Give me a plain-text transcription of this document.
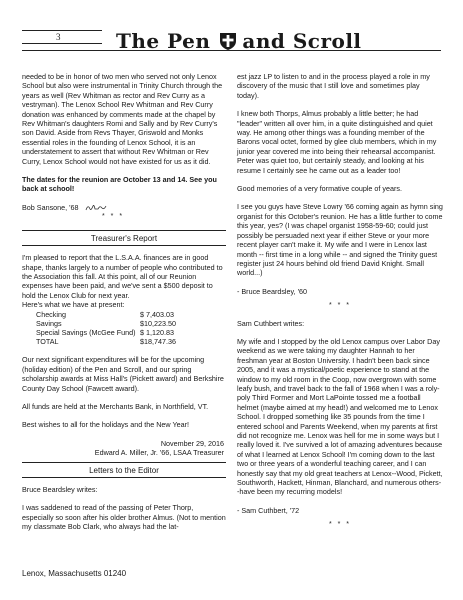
3	The Pen and Scroll

needed to be in honor of two men who served not only Lenox School but also were instrumental in Trinity Church through the years as well (Rev Whitman as rector and Rev Curry as a vestryman). The Lenox School Rev Whitman and Rev Curry donation was enhanced by comments made at the chapel by Rev Whitman's daughters Romi and Sally and by Rev Curry's son David. Aside from Revs Thayer, Griswold and Monks essential roles in the founding of Lenox School, it is an understatement to assert that without Rev Whitman or Rev Curry, Lenox School would not have existed for us as it did.

The dates for the reunion are October 13 and 14. See you back at school!

Bob Sansone, '68

* * *
Treasurer's Report

I'm pleased to report that the L.S.A.A. finances are in good shape, thanks largely to a number of people who contributed to the Association this fall. At this point, all of our Reunion expenses have been paid, and we've sent a $500 deposit to hold the Lenox Club for next year.

Here's what we have at present:
Checking	$ 7,403.03
Savings	$10,223.50
Special Savings (McGee Fund)	$ 1,120.83
TOTAL	$18,747.36

Our next significant expenditures will be for the upcoming (holiday edition) of the Pen and Scroll, and our spring scholarship awards at Miss Hall's (Pickett award) and Berkshire County Day School (Fawcett award).

All funds are held at the Merchants Bank, in Northfield, VT.

Best wishes to all for the holidays and the New Year!

November 29, 2016
Edward A. Miller, Jr. '66, LSAA Treasurer
Letters to the Editor

Bruce Beardsley writes:

I was saddened to read of the passing of Peter Thorp, especially so soon after his older brother Almus. (Not to mention my classmate Bob Clark, who always had the lat-

est jazz LP to listen to and in the process played a role in my discovery of the music that I still love and sometimes play today).

I knew both Thorps, Almus probably a little better; he had "leader" written all over him, in a quite distinguished and quiet way. He among other things was a founding member of the Barons vocal octet, formed by glee club members, which in my junior year covered me into being their rehearsal accompanist. Peter was quiet too, but certainly steady, and looking at his resume I certainly see he came out as a leader too!

Good memories of a very formative couple of years.

I see you guys have Steve Lowry '66 coming again as hymn sing organist for this October's reunion. He has a little further to come this year, yes? (I was chapel organist 1958-59-60; could just possibly be persuaded next year if either Steve or your more recent player can't make it. My wife and I were in Lenox last month -- first time in a long while -- and signed the Trinity guest register just 24 hours behind old friend David Knight. Small world...)

- Bruce Beardsley, '60

* * *

Sam Cuthbert writes:

My wife and I stopped by the old Lenox campus over Labor Day weekend as we were taking my daughter Hannah to her freshman year at Boston University. I hadn't been back since 2005, and it was a mystical/poetic experience to stand at the window to my old room in the Coop, now overgrown with some leafy bush, and travel back to the fall of 1968 when I was a roly-poly Third Former and Mort LaPointe tossed me a football helmet (maybe aimed at my head!) and welcomed me to Lenox School. I dropped something like 35 pounds from the time I entered school and Parents Weekend, when my parents at first did not recognize me. Lenox was hell for me in some ways but I really loved it. I've survived a lot of amazing adventures because of what I learned at Lenox School! I'm coming down to the last two or three years of a wonderful teaching career, and I can honestly say that my old great teachers at Lenox--Wood, Pickett, Southworth, Hackett, Hinman, Blanchard, and numerous others--have been my recurring models!

- Sam Cuthbert, '72

* * *
Lenox, Massachusetts 01240
